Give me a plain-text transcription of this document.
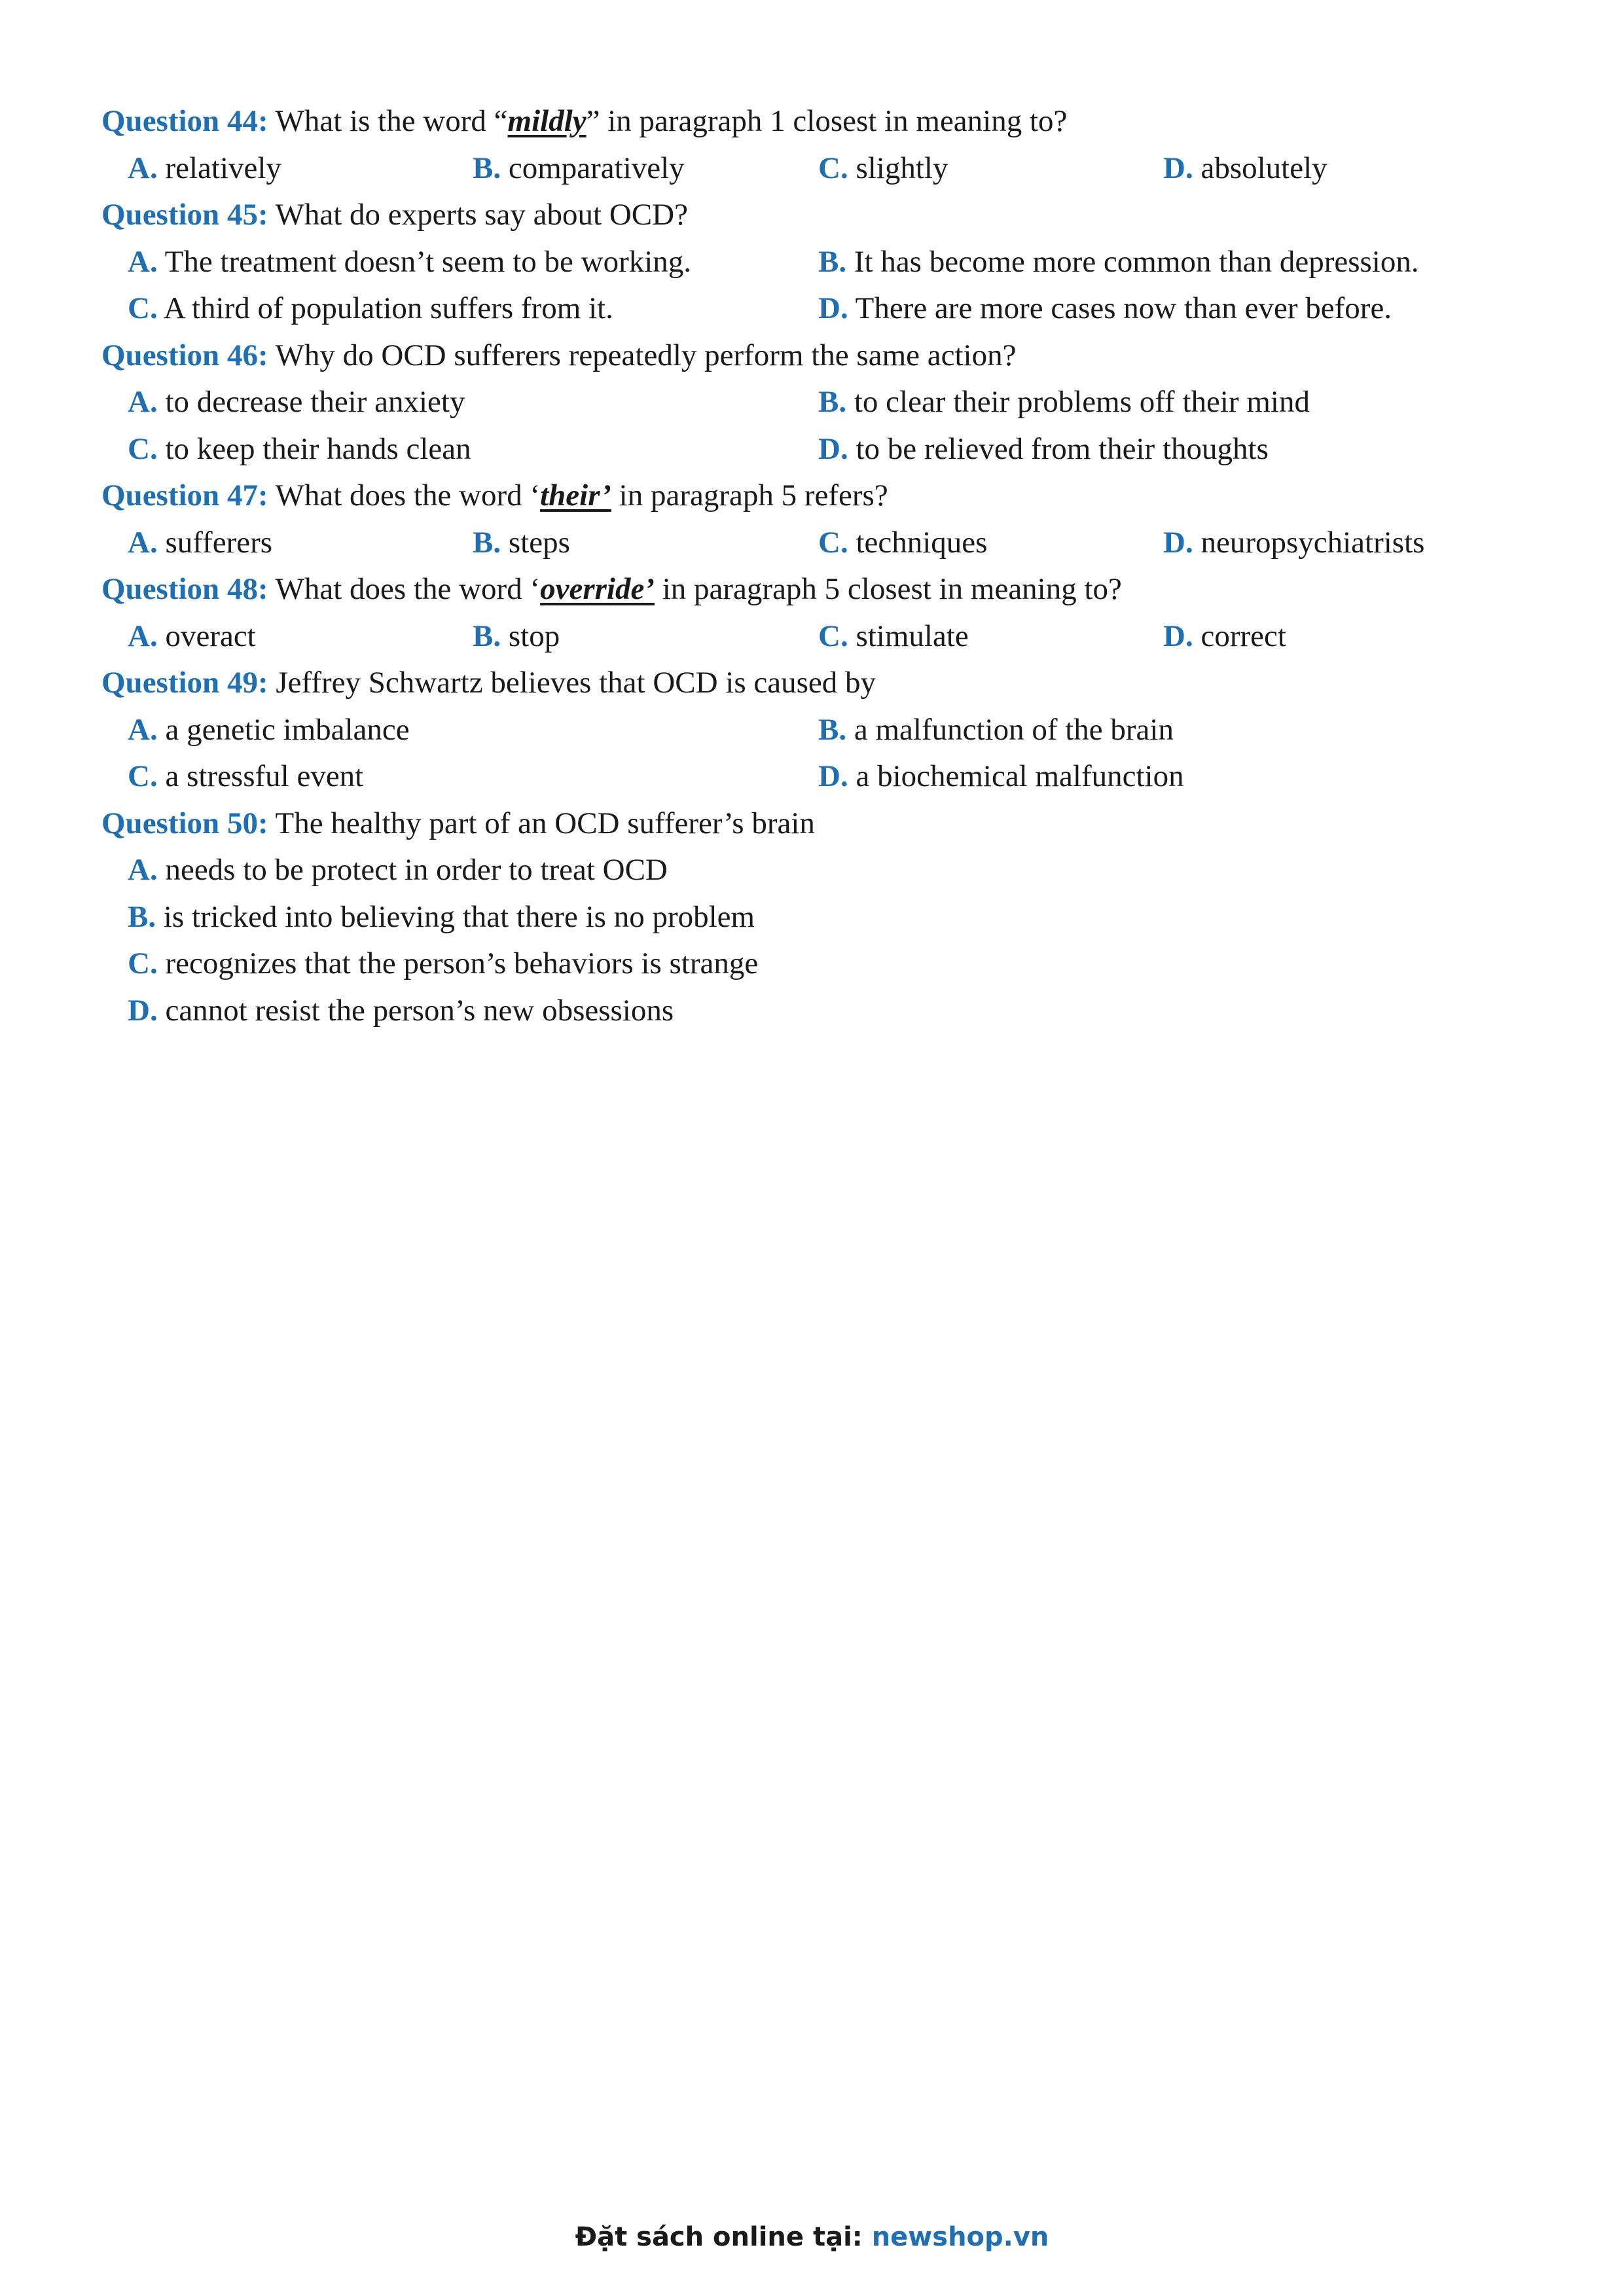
Question 44: What is the word “mildly” in paragraph 1 closest in meaning to?
A. relatively	B. comparatively	C. slightly	D. absolutely
Question 45: What do experts say about OCD?
A. The treatment doesn’t seem to be working.	B. It has become more common than depression.
C. A third of population suffers from it.	D. There are more cases now than ever before.
Question 46: Why do OCD sufferers repeatedly perform the same action?
A. to decrease their anxiety	B. to clear their problems off their mind
C. to keep their hands clean	D. to be relieved from their thoughts
Question 47: What does the word ‘their’ in paragraph 5 refers?
A. sufferers	B. steps	C. techniques	D. neuropsychiatrists
Question 48: What does the word ‘override’ in paragraph 5 closest in meaning to?
A. overact	B. stop	C. stimulate	D. correct
Question 49: Jeffrey Schwartz believes that OCD is caused by
A. a genetic imbalance	B. a malfunction of the brain
C. a stressful event	D. a biochemical malfunction
Question 50: The healthy part of an OCD sufferer’s brain
A. needs to be protect in order to treat OCD
B. is tricked into believing that there is no problem
C. recognizes that the person’s behaviors is strange
D. cannot resist the person’s new obsessions
Đặt sách online tại: newshop.vn
